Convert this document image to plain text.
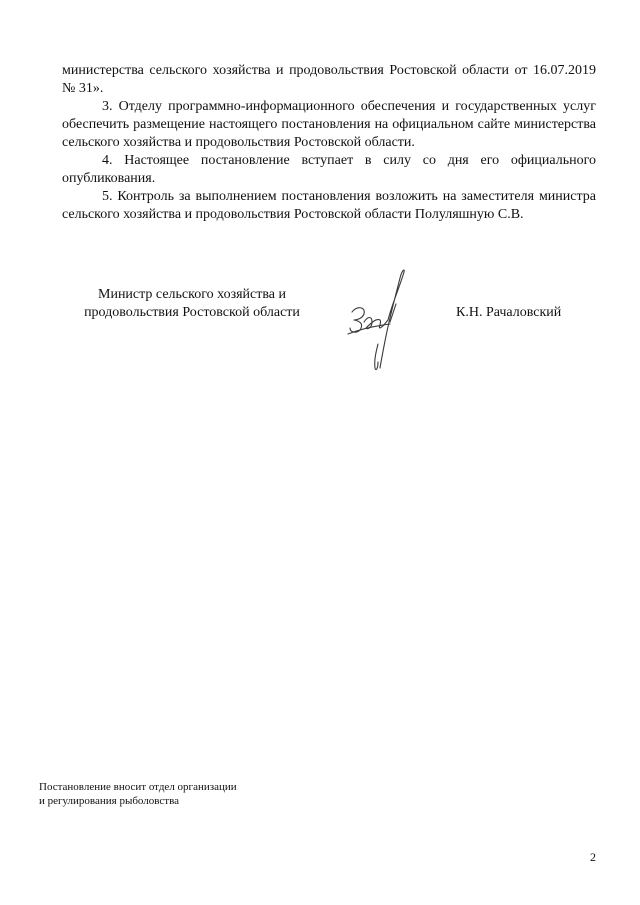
министерства сельского хозяйства и продовольствия Ростовской области от 16.07.2019 № 31».

3. Отделу программно-информационного обеспечения и государственных услуг обеспечить размещение настоящего постановления на официальном сайте министерства сельского хозяйства и продовольствия Ростовской области.

4. Настоящее постановление вступает в силу со дня его официального опубликования.

5. Контроль за выполнением постановления возложить на заместителя министра сельского хозяйства и продовольствия Ростовской области Полуляшную С.В.

Министр сельского хозяйства и
продовольствия Ростовской области	К.Н. Рачаловский
Постановление вносит отдел организации
и регулирования рыболовства
2
